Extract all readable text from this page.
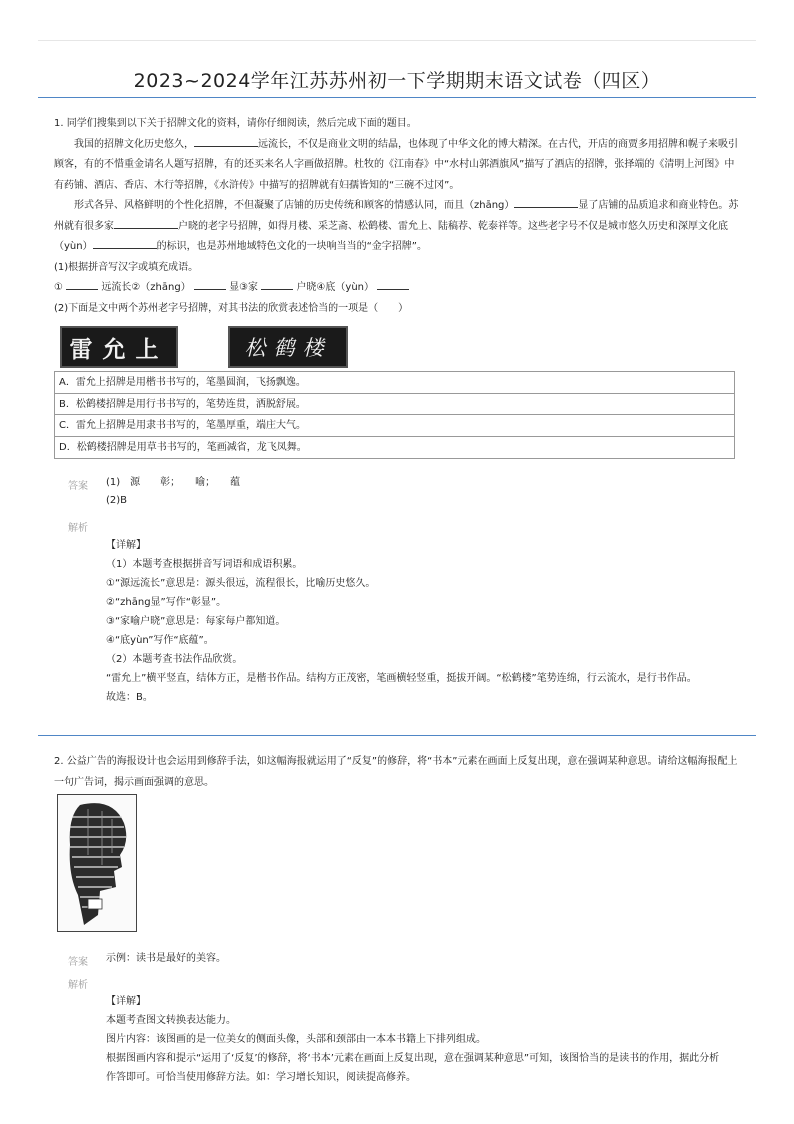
2023~2024学年江苏苏州初一下学期期末语文试卷（四区）

1. 同学们搜集到以下关于招牌文化的资料，请你仔细阅读，然后完成下面的题目。

我国的招牌文化历史悠久，	远流长，不仅是商业文明的结晶，也体现了中华文化的博大精深。在古代，开店的商贾多用招牌和幌子来吸引顾客，有的不惜重金请名人题写招牌，有的还买来名人字画做招牌。杜牧的《江南春》中“水村山郭酒旗风”描写了酒店的招牌，张择端的《清明上河图》中有药铺、酒店、香店、木行等招牌，《水浒传》中描写的招牌就有妇孺皆知的“三碗不过冈”。

形式各异、风格鲜明的个性化招牌，不但凝聚了店铺的历史传统和顾客的情感认同，而且（zhāng）	显了店铺的品质追求和商业特色。苏州就有很多家	户晓的老字号招牌，如得月楼、采芝斋、松鹤楼、雷允上、陆稿荐、乾泰祥等。这些老字号不仅是城市悠久历史和深厚文化底（yùn）	的标识，也是苏州地域特色文化的一块响当当的“金字招牌”。

(1)根据拼音写汉字或填充成语。

①	远流长②（zhāng）	显③家	户晓④底（yùn）

(2)下面是文中两个苏州老字号招牌，对其书法的欣赏表述恰当的一项是（　　）

雷允上	松鹤楼
A．雷允上招牌是用楷书书写的，笔墨圆润，飞扬飘逸。
B．松鹤楼招牌是用行书书写的，笔势连贯，洒脱舒展。
C．雷允上招牌是用隶书书写的，笔墨厚重，端庄大气。
D．松鹤楼招牌是用草书书写的，笔画减省，龙飞凤舞。
答案 (1)　源　　彰；　　喻；　　蕴
(2)B
解析
【详解】
（1）本题考查根据拼音写词语和成语积累。
①“源远流长”意思是：源头很远，流程很长，比喻历史悠久。
②“zhāng显”写作“彰显”。
③“家喻户晓”意思是：每家每户都知道。
④“底yùn”写作“底蕴”。
（2）本题考查书法作品欣赏。
“雷允上”横平竖直，结体方正，是楷书作品。结构方正茂密，笔画横轻竖重，挺拔开阔。“松鹤楼”笔势连绵，行云流水，是行书作品。
故选：B。

2. 公益广告的海报设计也会运用到修辞手法，如这幅海报就运用了“反复”的修辞，将“书本”元素在画面上反复出现，意在强调某种意思。请给这幅海报配上一句广告词，揭示画面强调的意思。

答案 示例：读书是最好的美容。
解析
【详解】
本题考查图文转换表达能力。
图片内容：该图画的是一位美女的侧面头像，头部和颈部由一本本书籍上下排列组成。
根据图画内容和提示“运用了‘反复’的修辞，将‘书本’元素在画面上反复出现，意在强调某种意思”可知，该图恰当的是读书的作用，据此分析作答即可。可恰当使用修辞方法。如：学习增长知识，阅读提高修养。
